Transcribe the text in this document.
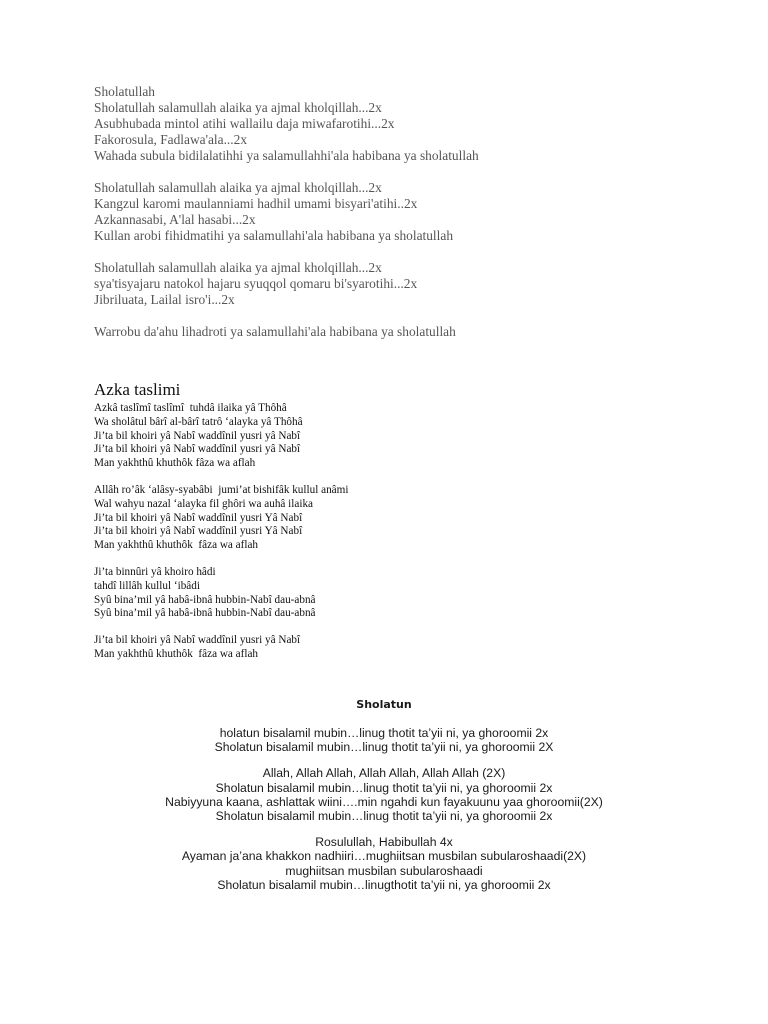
Sholatullah
Sholatullah salamullah alaika ya ajmal kholqillah...2x
Asubhubada mintol atihi wallailu daja miwafarotihi...2x
Fakorosula, Fadlawa'ala...2x
Wahada subula bidilalatihhi ya salamullahhi'ala habibana ya sholatullah
Sholatullah salamullah alaika ya ajmal kholqillah...2x
Kangzul karomi maulanniami hadhil umami bisyari'atihi..2x
Azkannasabi, A'lal hasabi...2x
Kullan arobi fihidmatihi ya salamullahi'ala habibana ya sholatullah
Sholatullah salamullah alaika ya ajmal kholqillah...2x
sya'tisyajaru natokol hajaru syuqqol qomaru bi'syarotihi...2x
Jibriluata, Lailal isro'i...2x
Warrobu da'ahu lihadroti ya salamullahi'ala habibana ya sholatullah
Azka taslimi
Azkâ taslîmî taslîmî  tuhdâ ilaika yâ Thôhâ
Wa sholâtul bârî al-bârî tatrô ‘alayka yâ Thôhâ
Ji’ta bil khoiri yâ Nabî waddînil yusri yâ Nabî
Ji’ta bil khoiri yâ Nabî waddînil yusri yâ Nabî
Man yakhthû khuthôk fâza wa aflah
Allâh ro’âk ‘alâsy-syabâbi  jumi’at bishifâk kullul anâmi
Wal wahyu nazal ‘alayka fil ghôri wa auhâ ilaika
Ji’ta bil khoiri yâ Nabî waddînil yusri Yâ Nabî
Ji’ta bil khoiri yâ Nabî waddînil yusri Yâ Nabî
Man yakhthû khuthôk  fâza wa aflah
Ji’ta binnûri yâ khoiro hâdi
tahdî lillâh kullul ‘ibâdi
Syû bina’mil yâ habâ-ibnâ hubbin-Nabî dau-abnâ
Syû bina’mil yâ habâ-ibnâ hubbin-Nabî dau-abnâ
Ji’ta bil khoiri yâ Nabî waddînil yusri yâ Nabî
Man yakhthû khuthôk  fâza wa aflah
Sholatun
holatun bisalamil mubin…linug thotit ta’yii ni, ya ghoroomii 2x
Sholatun bisalamil mubin…linug thotit ta’yii ni, ya ghoroomii 2X
Allah, Allah Allah, Allah Allah, Allah Allah (2X)
Sholatun bisalamil mubin…linug thotit ta’yii ni, ya ghoroomii 2x
Nabiyyuna kaana, ashlattak wiini….min ngahdi kun fayakuunu yaa ghoroomii(2X)
Sholatun bisalamil mubin…linug thotit ta’yii ni, ya ghoroomii 2x
Rosulullah, Habibullah 4x
Ayaman ja’ana khakkon nadhiiri…mughiitsan musbilan subularoshaadi(2X)
mughiitsan musbilan subularoshaadi
Sholatun bisalamil mubin…linugthotit ta’yii ni, ya ghoroomii 2x
